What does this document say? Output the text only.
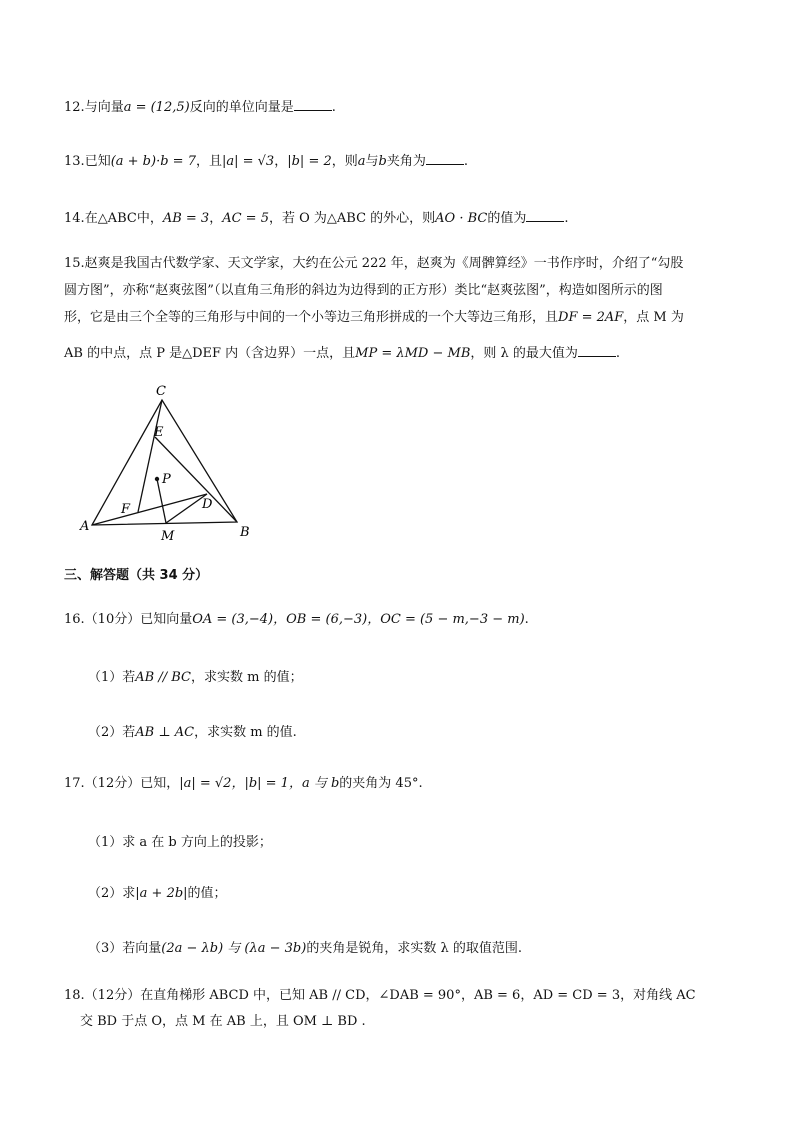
12.与向量a = (12,5)反向的单位向量是	.
13.已知(a + b)·b = 7，且|a| = √3，|b| = 2，则a与b夹角为	.
14.在△ABC中，AB = 3，AC = 5，若 O 为△ABC 的外心，则AO · BC的值为	.
15.赵爽是我国古代数学家、天文学家，大约在公元 222 年，赵爽为《周髀算经》一书作序时，介绍了“勾股
圆方图”，亦称“赵爽弦图”（以直角三角形的斜边为边得到的正方形）类比“赵爽弦图”，构造如图所示的图
形，它是由三个全等的三角形与中间的一个小等边三角形拼成的一个大等边三角形，且DF = 2AF，点 M 为
AB 的中点，点 P 是△DEF 内（含边界）一点，且MP = λMD − MB，则 λ 的最大值为	.
C
E
P
D
F
A
M	B
三、解答题（共 34 分）
16.（10分）已知向量OA = (3,−4)，OB = (6,−3)，OC = (5 − m,−3 − m).
（1）若AB // BC，求实数 m 的值；
（2）若AB ⊥ AC，求实数 m 的值.
17.（12分）已知，|a| = √2，|b| = 1，a 与 b的夹角为 45°.
（1）求 a 在 b 方向上的投影；
（2）求|a + 2b|的值；
（3）若向量(2a − λb) 与 (λa − 3b)的夹角是锐角，求实数 λ 的取值范围.
18.（12分）在直角梯形 ABCD 中，已知 AB // CD，∠DAB = 90°，AB = 6，AD = CD = 3，对角线 AC
交 BD 于点 O，点 M 在 AB 上，且 OM ⊥ BD .
